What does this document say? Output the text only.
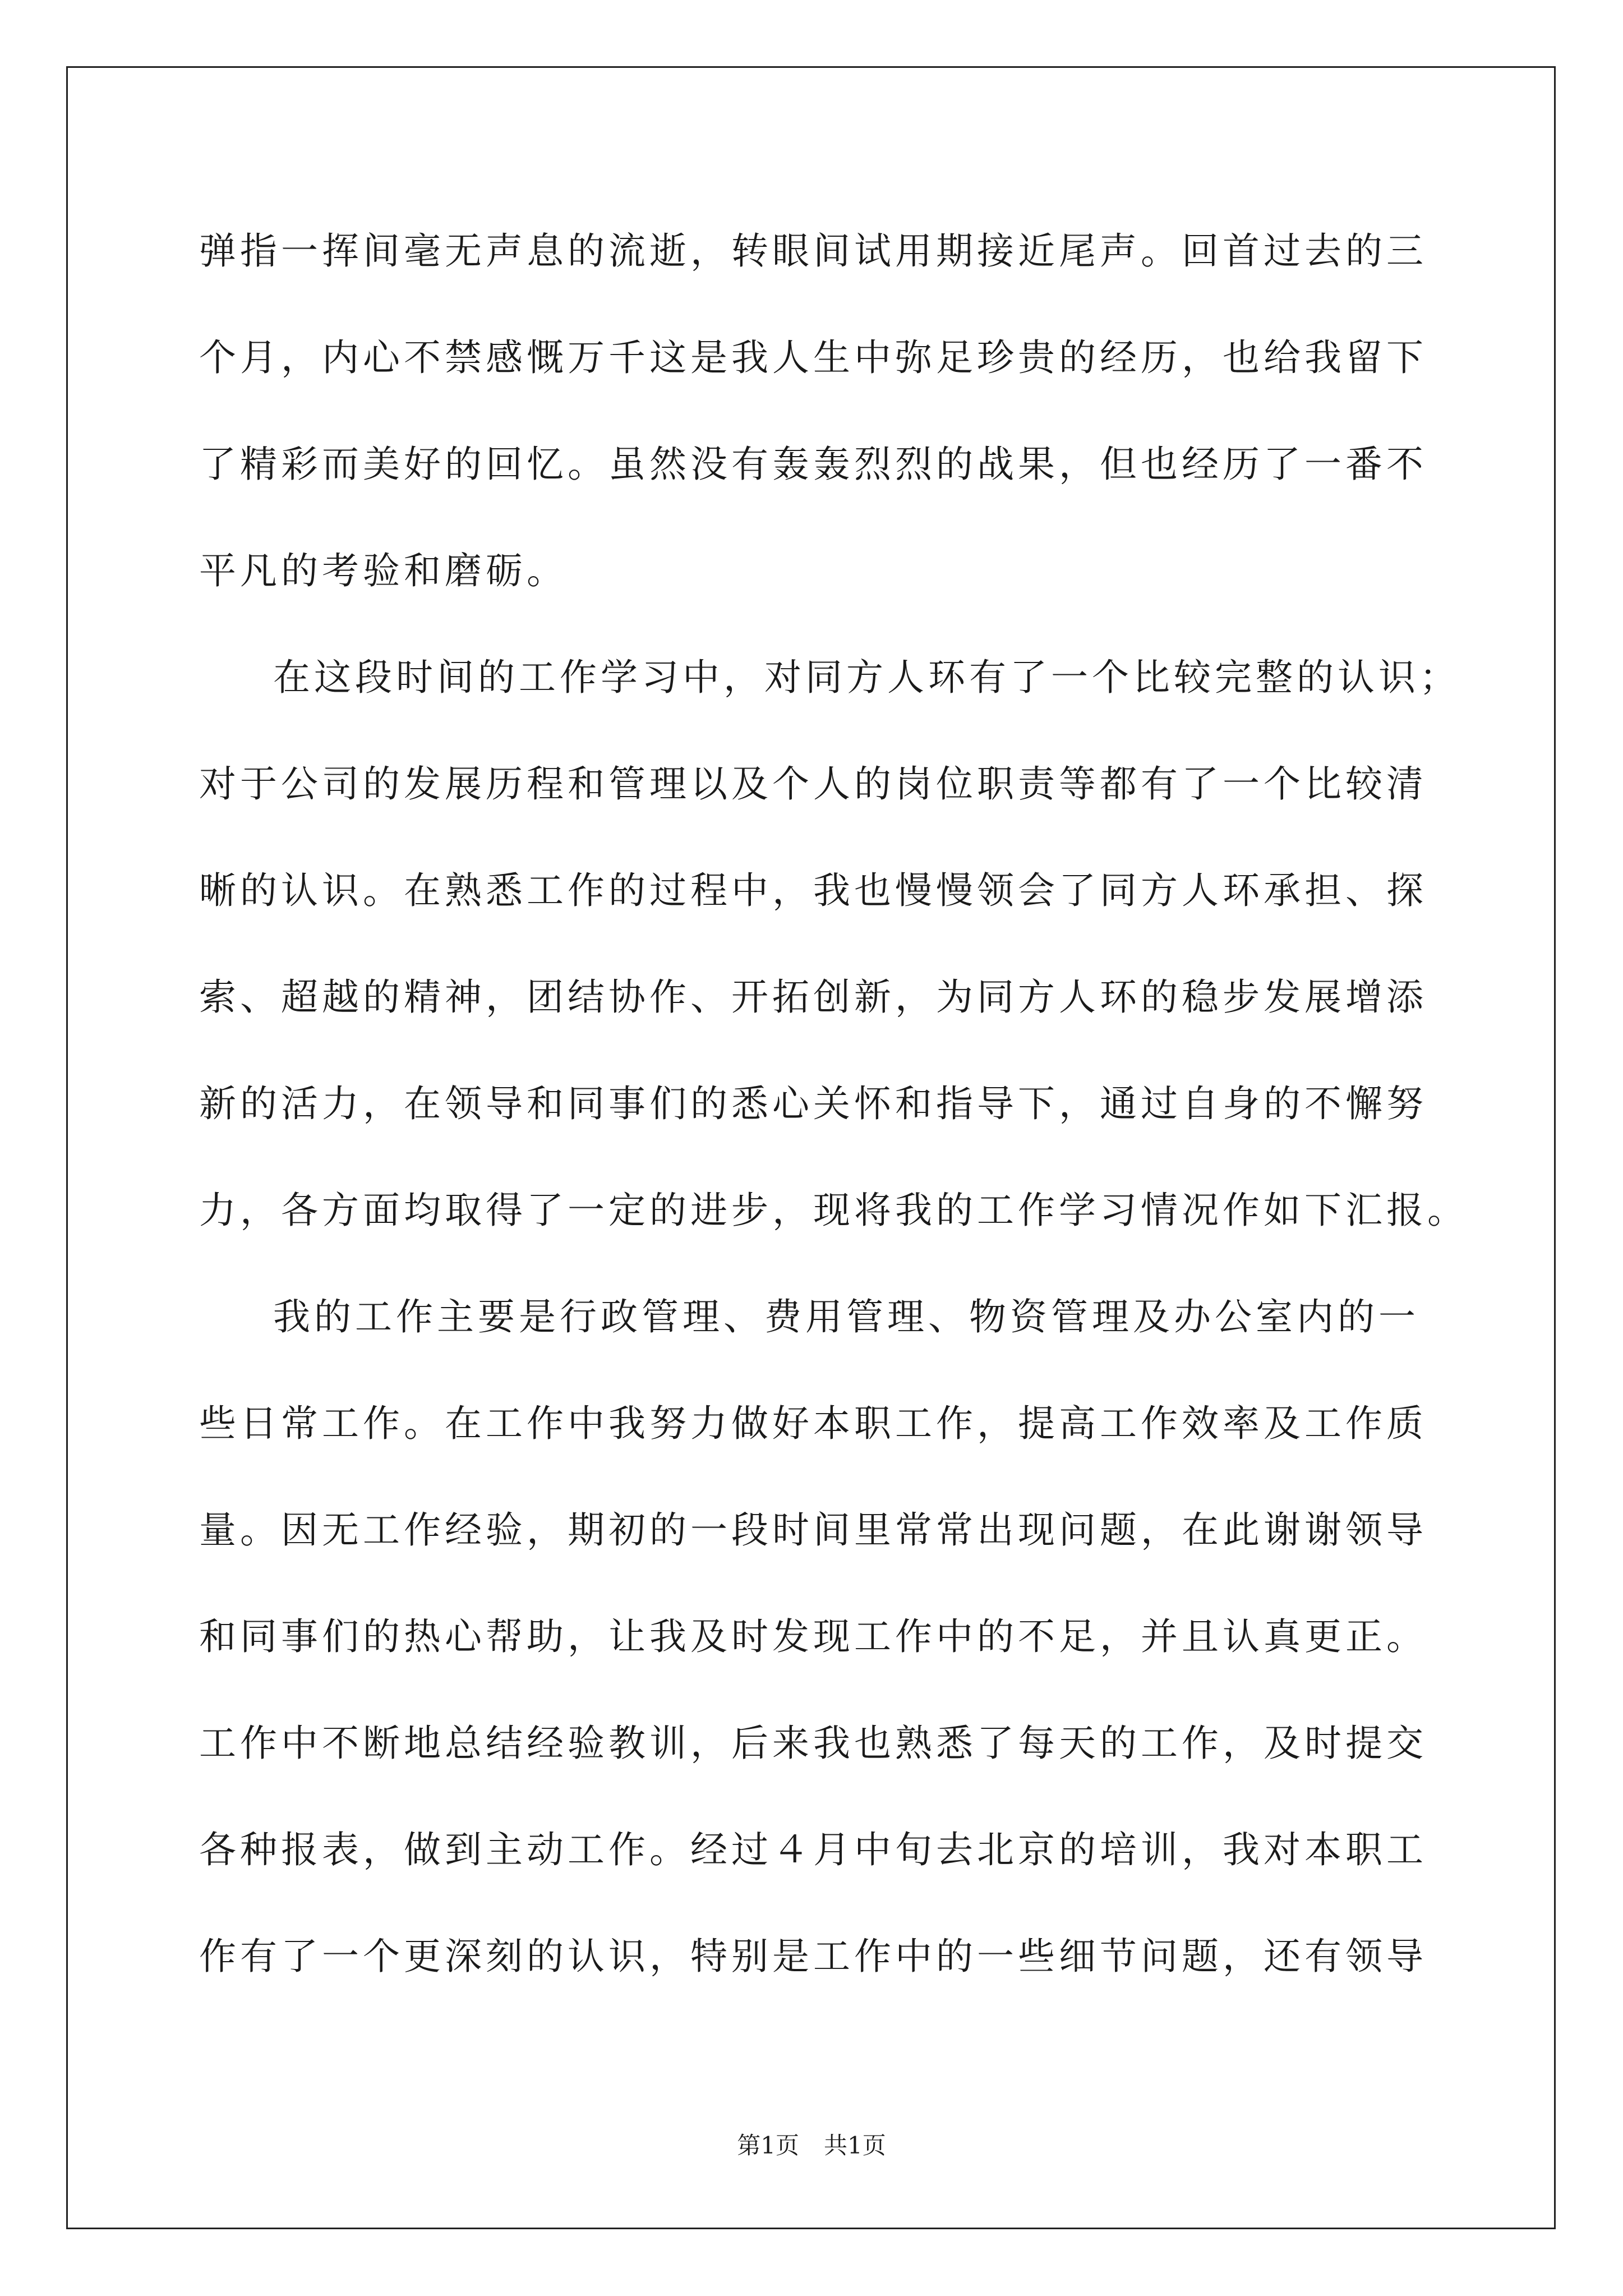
弹指一挥间毫无声息的流逝，转眼间试用期接近尾声。回首过去的三
个月，内心不禁感慨万千这是我人生中弥足珍贵的经历，也给我留下
了精彩而美好的回忆。虽然没有轰轰烈烈的战果，但也经历了一番不
平凡的考验和磨砺。
在这段时间的工作学习中，对同方人环有了一个比较完整的认识；
对于公司的发展历程和管理以及个人的岗位职责等都有了一个比较清
晰的认识。在熟悉工作的过程中，我也慢慢领会了同方人环承担、探
索、超越的精神，团结协作、开拓创新，为同方人环的稳步发展增添
新的活力，在领导和同事们的悉心关怀和指导下，通过自身的不懈努
力，各方面均取得了一定的进步，现将我的工作学习情况作如下汇报。
我的工作主要是行政管理、费用管理、物资管理及办公室内的一
些日常工作。在工作中我努力做好本职工作，提高工作效率及工作质
量。因无工作经验，期初的一段时间里常常出现问题，在此谢谢领导
和同事们的热心帮助，让我及时发现工作中的不足，并且认真更正。
工作中不断地总结经验教训，后来我也熟悉了每天的工作，及时提交
各种报表，做到主动工作。经过４月中旬去北京的培训，我对本职工
作有了一个更深刻的认识，特别是工作中的一些细节问题，还有领导
第1页 共1页
